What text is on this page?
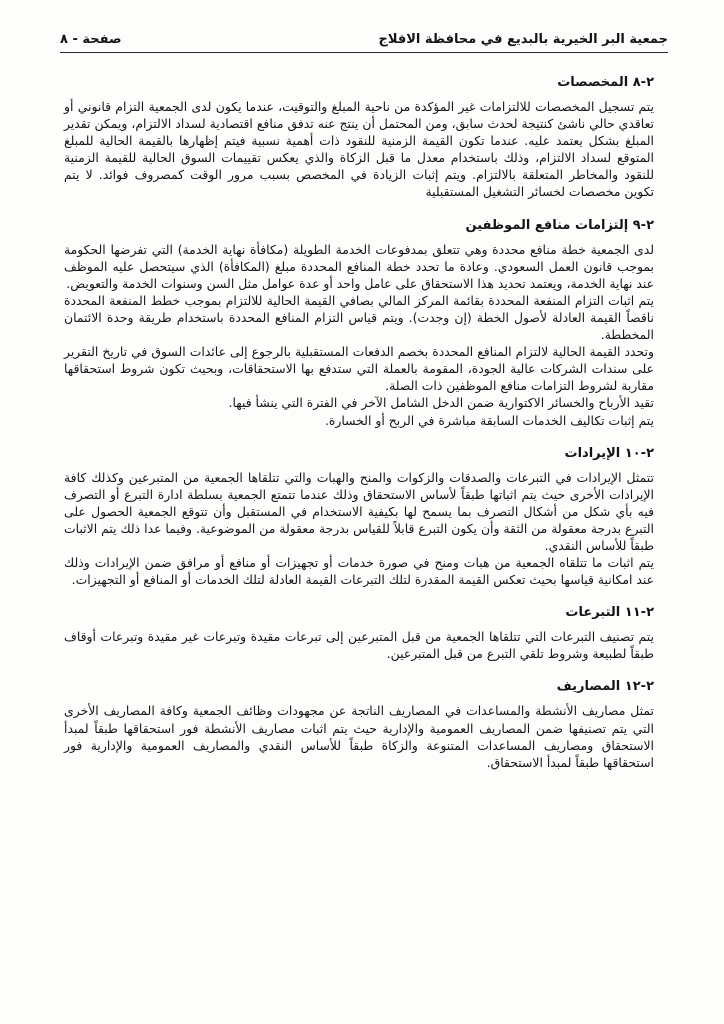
جمعية البر الخيرية بالبديع في محافظة الافلاج
صفحة - ٨
٢-٨ المخصصات

يتم تسجيل المخصصات للالتزامات غير المؤكدة من ناحية المبلغ والتوقيت، عندما يكون لدى الجمعية التزام قانوني أو تعاقدي حالي ناشئ كنتيجة لحدث سابق، ومن المحتمل أن ينتج عنه تدفق منافع اقتصادية لسداد الالتزام، ويمكن تقدير المبلغ بشكل يعتمد عليه. عندما تكون القيمة الزمنية للنقود ذات أهمية نسبية فيتم إظهارها بالقيمة الحالية للمبلغ المتوقع لسداد الالتزام، وذلك باستخدام معدل ما قبل الزكاة والذي يعكس تقييمات السوق الحالية للقيمة الزمنية للنقود والمخاطر المتعلقة بالالتزام. ويتم إثبات الزيادة في المخصص بسبب مرور الوقت كمصروف فوائد. لا يتم تكوين مخصصات لخسائر التشغيل المستقبلية

٢-٩ إلتزامات منافع الموظفين

لدى الجمعية خطة منافع محددة وهي تتعلق بمدفوعات الخدمة الطويلة (مكافأة نهاية الخدمة) التي تفرضها الحكومة بموجب قانون العمل السعودي. وعادة ما تحدد خطة المنافع المحددة مبلغ (المكافأة) الذي سيتحصل عليه الموظف عند نهاية الخدمة، ويعتمد تحديد هذا الاستحقاق على عامل واحد أو عدة عوامل مثل السن وسنوات الخدمة والتعويض.

يتم اثبات التزام المنفعة المحددة بقائمة المركز المالي بصافي القيمة الحالية للالتزام بموجب خطط المنفعة المحددة ناقصاً القيمة العادلة لأصول الخطة (إن وجدت). ويتم قياس التزام المنافع المحددة باستخدام طريقة وحدة الائتمان المخططة.

وتحدد القيمة الحالية لالتزام المنافع المحددة بخصم الدفعات المستقبلية بالرجوع إلى عائدات السوق في تاريخ التقرير على سندات الشركات عالية الجودة، المقومة بالعملة التي ستدفع بها الاستحقاقات، وبحيث تكون شروط استحقاقها مقاربة لشروط التزامات منافع الموظفين ذات الصلة.

تقيد الأرباح والخسائر الاكتوارية ضمن الدخل الشامل الآخر في الفترة التي ينشأ فيها.

يتم إثبات تكاليف الخدمات السابقة مباشرة في الربح أو الخسارة.

٢-١٠ الإيرادات

تتمثل الإيرادات في التبرعات والصدقات والزكوات والمنح والهبات والتي تتلقاها الجمعية من المتبرعين وكذلك كافة الإيرادات الأخرى حيث يتم اثباتها طبقاً لأساس الاستحقاق وذلك عندما تتمتع الجمعية بسلطة ادارة التبرع أو التصرف فيه بأي شكل من أشكال التصرف بما يسمح لها بكيفية الاستخدام في المستقبل وأن تتوقع الجمعية الحصول على التبرع بدرجة معقولة من الثقة وأن يكون التبرع قابلاً للقياس بدرجة معقولة من الموضوعية. وفيما عدا ذلك يتم الاثبات طبقاً للأساس النقدي.

يتم اثبات ما تتلقاه الجمعية من هبات ومنح في صورة خدمات أو تجهيزات أو منافع أو مرافق ضمن الإيرادات وذلك عند امكانية قياسها بحيث تعكس القيمة المقدرة لتلك التبرعات القيمة العادلة لتلك الخدمات أو المنافع أو التجهيزات.

٢-١١ التبرعات

يتم تصنيف التبرعات التي تتلقاها الجمعية من قبل المتبرعين إلى تبرعات مقيدة وتبرعات غير مقيدة وتبرعات أوقاف طبقاً لطبيعة وشروط تلقي التبرع من قبل المتبرعين.

٢-١٢ المصاريف

تمثل مصاريف الأنشطة والمساعدات في المصاريف الناتجة عن مجهودات وظائف الجمعية وكافة المصاريف الأخرى التي يتم تصنيفها ضمن المصاريف العمومية والإدارية حيث يتم اثبات مصاريف الأنشطة فور استحقاقها طبقاً لمبدأ الاستحقاق ومصاريف المساعدات المتنوعة والزكاة طبقاً للأساس النقدي والمصاريف العمومية والإدارية فور استحقاقها طبقاً لمبدأ الاستحقاق.
